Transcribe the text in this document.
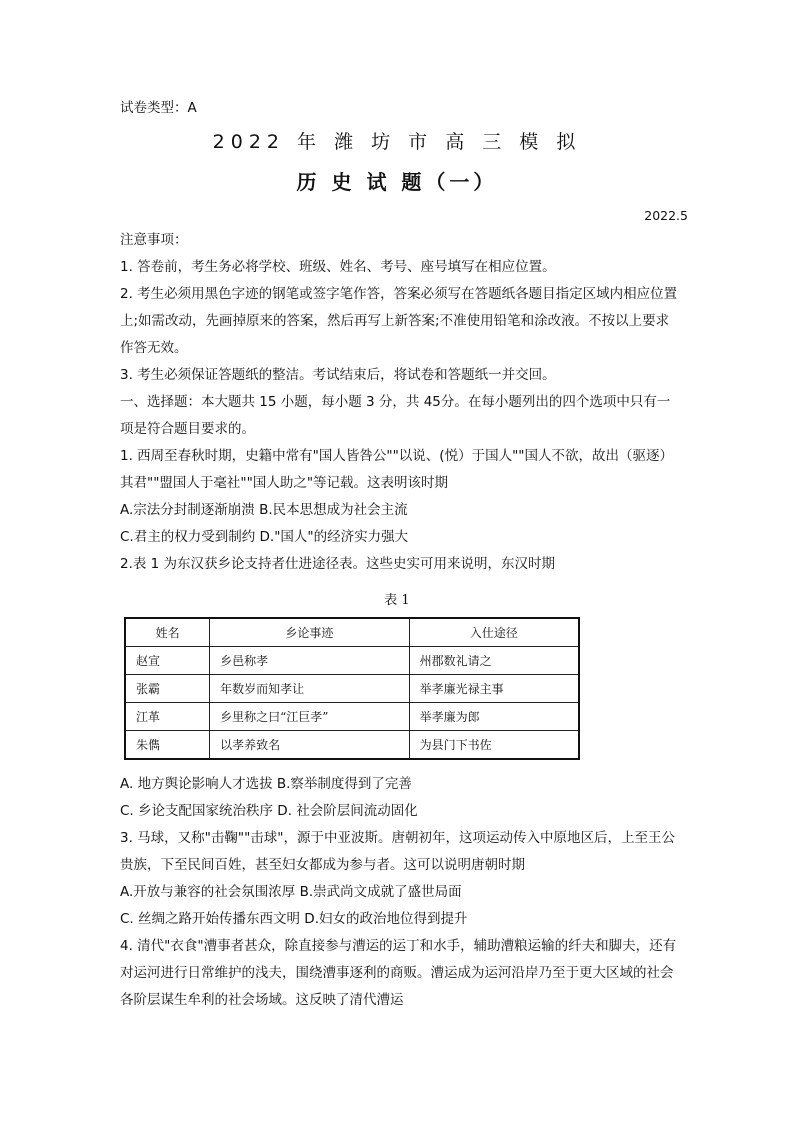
试卷类型：A
2022 年 潍 坊 市 高 三 模 拟
历 史 试 题（一）
2022.5

注意事项：

1. 答卷前，考生务必将学校、班级、姓名、考号、座号填写在相应位置。

2. 考生必须用黑色字迹的钢笔或签字笔作答，答案必须写在答题纸各题目指定区域内相应位置上;如需改动，先画掉原来的答案，然后再写上新答案;不准使用铅笔和涂改液。不按以上要求作答无效。

3. 考生必须保证答题纸的整洁。考试结束后，将试卷和答题纸一并交回。

一、选择题：本大题共 15 小题，每小题 3 分，共 45分。在每小题列出的四个选项中只有一项是符合题目要求的。

1. 西周至春秋时期，史籍中常有"国人皆咎公""以说、(悦）于国人""国人不欲，故出（驱逐）其君""盟国人于毫社""国人助之"等记载。这表明该时期

A.宗法分封制逐渐崩溃 B.民本思想成为社会主流

C.君主的权力受到制约 D."国人"的经济实力强大

2.表 1 为东汉获乡论支持者仕进途径表。这些史实可用来说明，东汉时期

表 1
姓名	乡论事迹	入仕途径
赵宣	乡邑称孝	州郡数礼请之
张霸	年数岁而知孝让	举孝廉光禄主事
江革	乡里称之曰“江巨孝”	举孝廉为郎
朱儁	以孝养致名	为县门下书佐

A. 地方舆论影响人才选拔 B.察举制度得到了完善

C. 乡论支配国家统治秩序 D. 社会阶层间流动固化

3. 马球，又称"击鞠""击球"，源于中亚波斯。唐朝初年，这项运动传入中原地区后，上至王公贵族，下至民间百姓，甚至妇女都成为参与者。这可以说明唐朝时期

A.开放与兼容的社会氛围浓厚 B.崇武尚文成就了盛世局面

C. 丝绸之路开始传播东西文明 D.妇女的政治地位得到提升

4. 清代"衣食"漕事者甚众，除直接参与漕运的运丁和水手，辅助漕粮运输的纤夫和脚夫，还有对运河进行日常维护的浅夫，围绕漕事逐利的商贩。漕运成为运河沿岸乃至于更大区域的社会各阶层谋生牟利的社会场域。这反映了清代漕运
